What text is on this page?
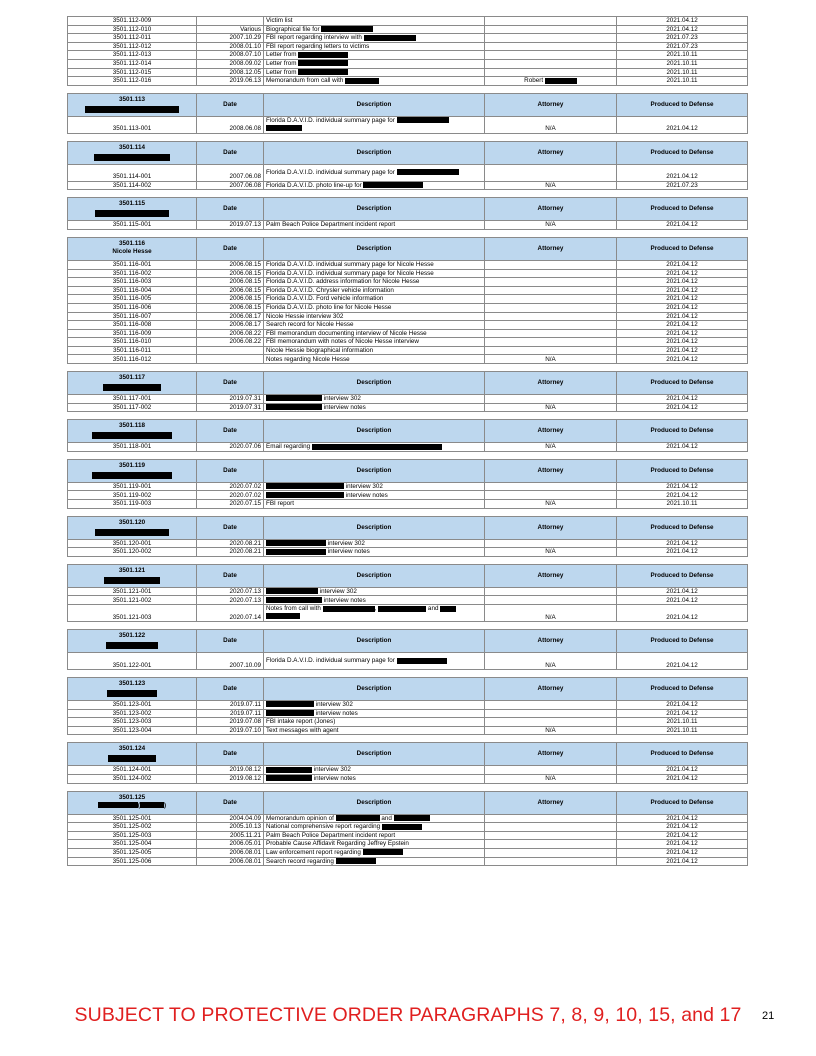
3501.112-009		Victim list		2021.04.12
3501.112-010	Various	Biographical file for		2021.04.12
3501.112-011	2007.10.29	FBI report regarding interview with		2021.07.23
3501.112-012	2008.01.10	FBI report regarding letters to victims		2021.07.23
3501.112-013	2008.07.10	Letter from		2021.10.11
3501.112-014	2008.09.02	Letter from		2021.10.11
3501.112-015	2008.12.05	Letter from		2021.10.11
3501.112-016	2019.06.13	Memorandum from call with	Robert	2021.10.11

3501.113	Date	Description	Attorney	Produced to Defense
3501.113-001	2008.06.08	Florida D.A.V.I.D. individual summary page for	N/A	2021.04.12

3501.114	Date	Description	Attorney	Produced to Defense
3501.114-001	2007.06.08	Florida D.A.V.I.D. individual summary page for		2021.04.12
3501.114-002	2007.06.08	Florida D.A.V.I.D. photo line-up for	N/A	2021.07.23

3501.115	Date	Description	Attorney	Produced to Defense
3501.115-001	2019.07.13	Palm Beach Police Department incident report	N/A	2021.04.12

3501.116
Nicole Hesse	Date	Description	Attorney	Produced to Defense
3501.116-001	2006.08.15	Florida D.A.V.I.D. individual summary page for Nicole Hesse		2021.04.12
3501.116-002	2006.08.15	Florida D.A.V.I.D. individual summary page for Nicole Hesse		2021.04.12
3501.116-003	2006.08.15	Florida D.A.V.I.D. address information for Nicole Hesse		2021.04.12
3501.116-004	2006.08.15	Florida D.A.V.I.D. Chrysler vehicle information		2021.04.12
3501.116-005	2006.08.15	Florida D.A.V.I.D. Ford vehicle information		2021.04.12
3501.116-006	2006.08.15	Florida D.A.V.I.D. photo line for Nicole Hesse		2021.04.12
3501.116-007	2006.08.17	Nicole Hessie interview 302		2021.04.12
3501.116-008	2006.08.17	Search record for Nicole Hesse		2021.04.12
3501.116-009	2006.08.22	FBI memorandum documenting interview of Nicole Hesse		2021.04.12
3501.116-010	2006.08.22	FBI memorandum with notes of Nicole Hesse interview		2021.04.12
3501.116-011		Nicole Hessie biographical information		2021.04.12
3501.116-012		Notes regarding Nicole Hesse	N/A	2021.04.12

3501.117	Date	Description	Attorney	Produced to Defense
3501.117-001	2019.07.31	interview 302		2021.04.12
3501.117-002	2019.07.31	interview notes	N/A	2021.04.12

3501.118	Date	Description	Attorney	Produced to Defense
3501.118-001	2020.07.06	Email regarding	N/A	2021.04.12

3501.119	Date	Description	Attorney	Produced to Defense
3501.119-001	2020.07.02	interview 302		2021.04.12
3501.119-002	2020.07.02	interview notes		2021.04.12
3501.119-003	2020.07.15	FBI report	N/A	2021.10.11

3501.120	Date	Description	Attorney	Produced to Defense
3501.120-001	2020.08.21	interview 302		2021.04.12
3501.120-002	2020.08.21	interview notes	N/A	2021.04.12

3501.121	Date	Description	Attorney	Produced to Defense
3501.121-001	2020.07.13	interview 302		2021.04.12
3501.121-002	2020.07.13	interview notes		2021.04.12
3501.121-003	2020.07.14	Notes from call with , and	N/A	2021.04.12

3501.122	Date	Description	Attorney	Produced to Defense
3501.122-001	2007.10.09	Florida D.A.V.I.D. individual summary page for	N/A	2021.04.12

3501.123	Date	Description	Attorney	Produced to Defense
3501.123-001	2019.07.11	interview 302		2021.04.12
3501.123-002	2019.07.11	interview notes		2021.04.12
3501.123-003	2019.07.08	FBI intake report (Jones)		2021.10.11
3501.123-004	2019.07.10	Text messages with agent	N/A	2021.10.11

3501.124	Date	Description	Attorney	Produced to Defense
3501.124-001	2019.08.12	interview 302		2021.04.12
3501.124-002	2019.08.12	interview notes	N/A	2021.04.12

3501.125
( )	Date	Description	Attorney	Produced to Defense
3501.125-001	2004.04.09	Memorandum opinion of and		2021.04.12
3501.125-002	2005.10.13	National comprehensive report regarding		2021.04.12
3501.125-003	2005.11.21	Palm Beach Police Department incident report		2021.04.12
3501.125-004	2006.05.01	Probable Cause Affidavit Regarding Jeffrey Epstein		2021.04.12
3501.125-005	2006.08.01	Law enforcement report regarding		2021.04.12
3501.125-006	2006.08.01	Search record regarding		2021.04.12
SUBJECT TO PROTECTIVE ORDER PARAGRAPHS 7, 8, 9, 10, 15, and 17	21
